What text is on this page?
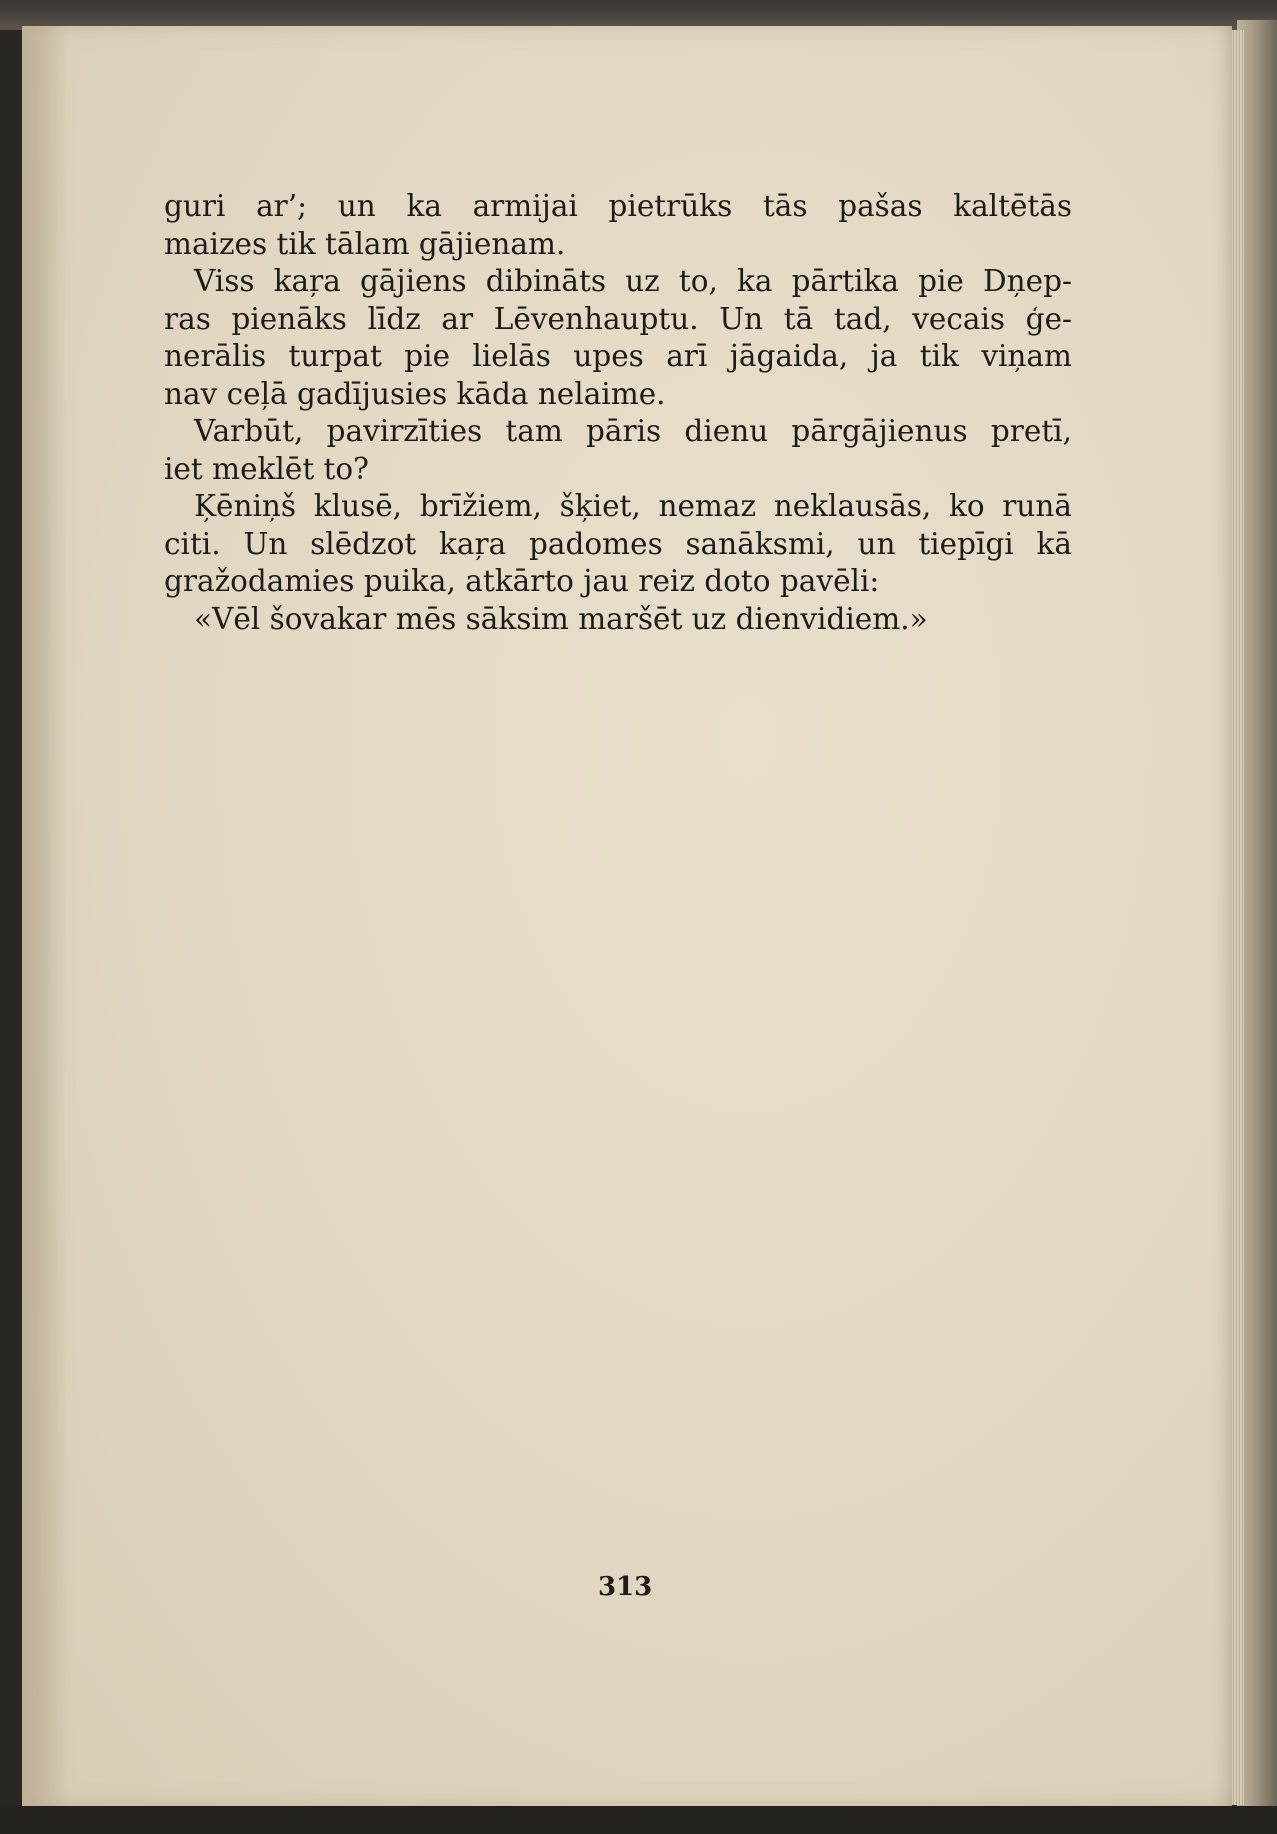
guri ar’; un ka armijai pietrūks tās pašas kaltētās

maizes tik tālam gājienam.

Viss kaŗa gājiens dibināts uz to, ka pārtika pie Dņep-

ras pienāks līdz ar Lēvenhauptu. Un tā tad, vecais ģe-

nerālis turpat pie lielās upes arī jāgaida, ja tik viņam

nav ceļā gadījusies kāda nelaime.

Varbūt, pavirzīties tam pāris dienu pārgājienus pretī,

iet meklēt to?

Ķēniņš klusē, brīžiem, šķiet, nemaz neklausās, ko runā

citi. Un slēdzot kaŗa padomes sanāksmi, un tiepīgi kā

gražodamies puika, atkārto jau reiz doto pavēli:

«Vēl šovakar mēs sāksim maršēt uz dienvidiem.»

313
